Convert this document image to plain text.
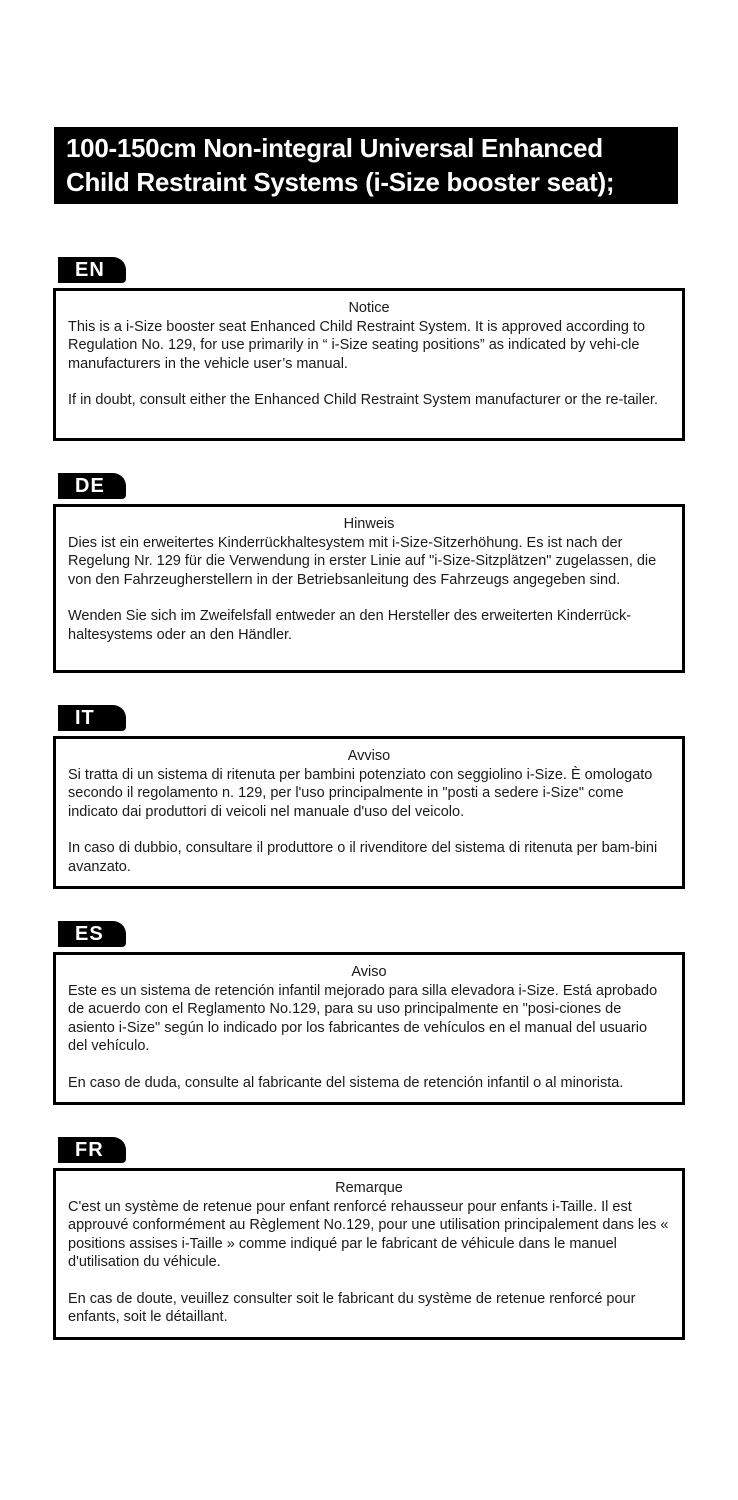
100-150cm Non-integral Universal Enhanced
Child Restraint Systems (i-Size booster seat);
EN

Notice

This is a i-Size booster seat Enhanced Child Restraint System. It is approved according to Regulation No. 129, for use primarily in “ i-Size seating positions” as indicated by vehi-cle manufacturers in the vehicle user’s manual.

If in doubt, consult either the Enhanced Child Restraint System manufacturer or the re-tailer.

DE

Hinweis

Dies ist ein erweitertes Kinderrückhaltesystem mit i-Size-Sitzerhöhung. Es ist nach der Regelung Nr. 129 für die Verwendung in erster Linie auf "i-Size-Sitzplätzen" zugelassen, die von den Fahrzeugherstellern in der Betriebsanleitung des Fahrzeugs angegeben sind.

Wenden Sie sich im Zweifelsfall entweder an den Hersteller des erweiterten Kinderrück-haltesystems oder an den Händler.

IT

Avviso

Si tratta di un sistema di ritenuta per bambini potenziato con seggiolino i-Size. È omologato secondo il regolamento n. 129, per l'uso principalmente in "posti a sedere i-Size" come indicato dai produttori di veicoli nel manuale d'uso del veicolo.

In caso di dubbio, consultare il produttore o il rivenditore del sistema di ritenuta per bam-bini avanzato.

ES

Aviso

Este es un sistema de retención infantil mejorado para silla elevadora i-Size. Está aprobado de acuerdo con el Reglamento No.129, para su uso principalmente en "posi-ciones de asiento i-Size" según lo indicado por los fabricantes de vehículos en el manual del usuario del vehículo.

En caso de duda, consulte al fabricante del sistema de retención infantil o al minorista.

FR

Remarque

C'est un système de retenue pour enfant renforcé rehausseur pour enfants i-Taille. Il est approuvé conformément au Règlement No.129, pour une utilisation principalement dans les « positions assises i-Taille » comme indiqué par le fabricant de véhicule dans le manuel d'utilisation du véhicule.

En cas de doute, veuillez consulter soit le fabricant du système de retenue renforcé pour enfants, soit le détaillant.
